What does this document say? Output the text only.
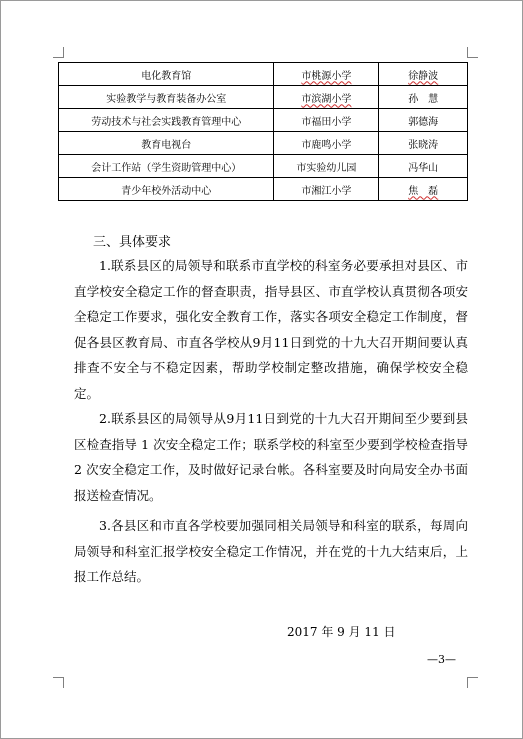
电化教育馆	市桃源小学	徐静波
实验教学与教育装备办公室	市滨湖小学	孙　慧
劳动技术与社会实践教育管理中心	市福田小学	郭德海
教育电视台	市鹿鸣小学	张晓涛
会计工作站（学生资助管理中心）	市实验幼儿园	冯华山
青少年校外活动中心	市湘江小学	焦　磊
三、具体要求

1.联系县区的局领导和联系市直学校的科室务必要承担对县区、市直学校安全稳定工作的督查职责，指导县区、市直学校认真贯彻各项安全稳定工作要求，强化安全教育工作，落实各项安全稳定工作制度，督促各县区教育局、市直各学校从9月11日到党的十九大召开期间要认真排查不安全与不稳定因素，帮助学校制定整改措施，确保学校安全稳定。

2.联系县区的局领导从9月11日到党的十九大召开期间至少要到县区检查指导 1 次安全稳定工作；联系学校的科室至少要到学校检查指导 2 次安全稳定工作，及时做好记录台帐。各科室要及时向局安全办书面报送检查情况。

3.各县区和市直各学校要加强同相关局领导和科室的联系，每周向局领导和科室汇报学校安全稳定工作情况，并在党的十九大结束后，上报工作总结。

2017 年 9 月 11 日
—3—
